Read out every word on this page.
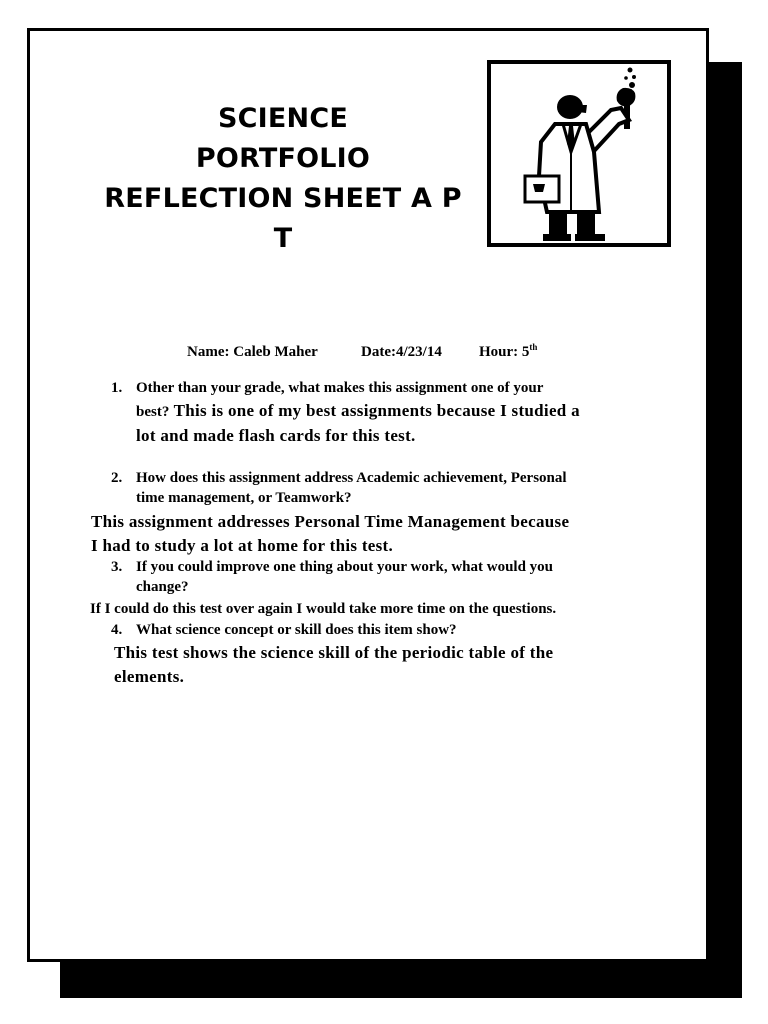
SCIENCE
PORTFOLIO
REFLECTION SHEET A P
T
Name: Caleb Maher	Date:4/23/14 Hour: 5th
1. Other than your grade, what makes this assignment one of your
best? This is one of my best assignments because I studied a
lot and made flash cards for this test.
2. How does this assignment address Academic achievement, Personal
time management, or Teamwork?
This assignment addresses Personal Time Management because
I had to study a lot at home for this test.
3. If you could improve one thing about your work, what would you
change?
If I could do this test over again I would take more time on the questions.
4. What science concept or skill does this item show?
This test shows the science skill of the periodic table of the
elements.
